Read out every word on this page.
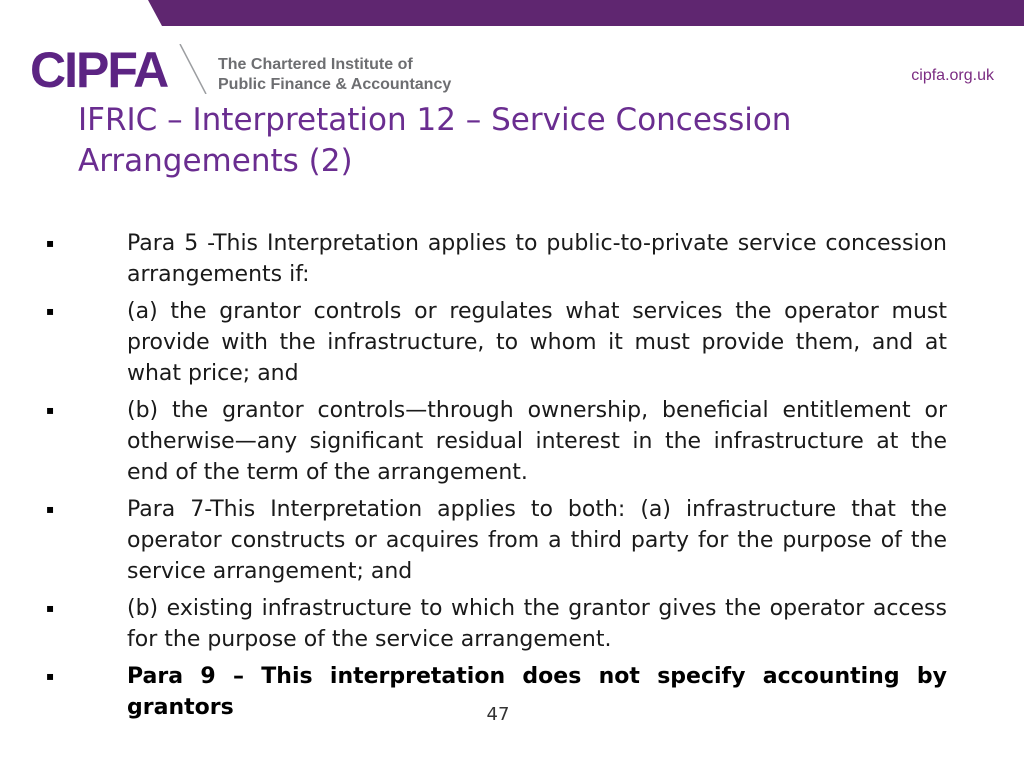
CIPFA	The Chartered Institute of
Public Finance & Accountancy
cipfa.org.uk
IFRIC – Interpretation 12 – Service Concession Arrangements (2)
▪	Para 5 -This Interpretation applies to public-to-private service concession arrangements if:
▪	(a) the grantor controls or regulates what services the operator must provide with the infrastructure, to whom it must provide them, and at what price; and
▪	(b) the grantor controls—through ownership, beneficial entitlement or otherwise—any significant residual interest in the infrastructure at the end of the term of the arrangement.
▪	Para 7-This Interpretation applies to both: (a) infrastructure that the operator constructs or acquires from a third party for the purpose of the service arrangement; and
▪	(b) existing infrastructure to which the grantor gives the operator access for the purpose of the service arrangement.
▪	Para 9 – This interpretation does not specify accounting by grantors	47
